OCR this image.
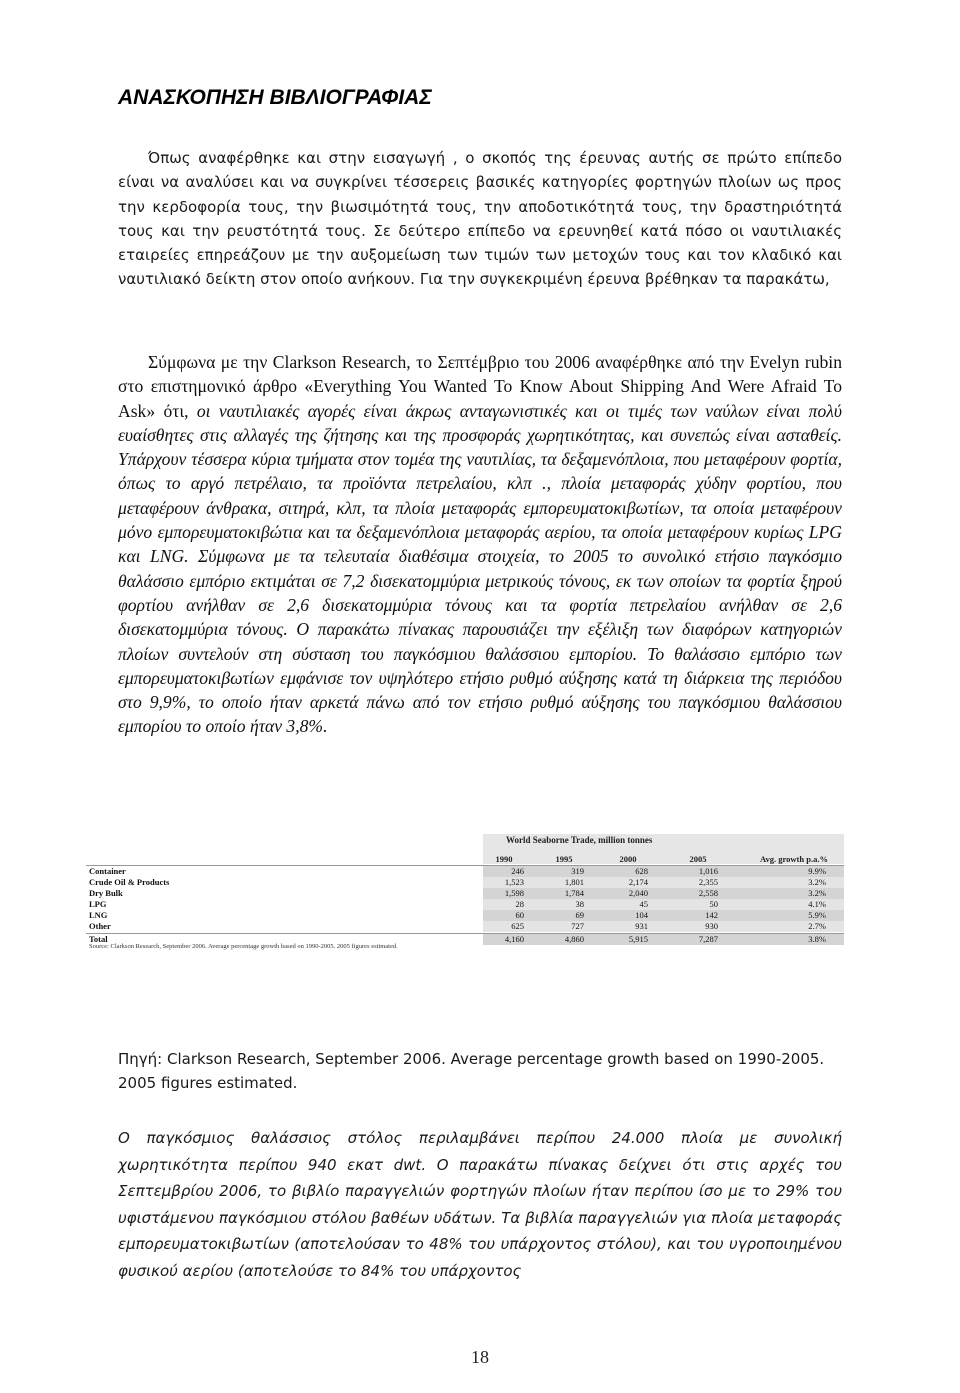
ΑΝΑΣΚΟΠΗΣΗ ΒΙΒΛΙΟΓΡΑΦΙΑΣ

Όπως αναφέρθηκε και στην εισαγωγή , ο σκοπός της έρευνας αυτής σε πρώτο επίπεδο είναι να αναλύσει και να συγκρίνει τέσσερεις βασικές κατηγορίες φορτηγών πλοίων ως προς την κερδοφορία τους, την βιωσιμότητά τους, την αποδοτικότητά τους, την δραστηριότητά τους και την ρευστότητά τους. Σε δεύτερο επίπεδο να ερευνηθεί κατά πόσο οι ναυτιλιακές εταιρείες επηρεάζουν με την αυξομείωση των τιμών των μετοχών τους και τον κλαδικό και ναυτιλιακό δείκτη στον οποίο ανήκουν. Για την συγκεκριμένη έρευνα βρέθηκαν τα παρακάτω,

Σύμφωνα με την Clarkson Research, το Σεπτέμβριο του 2006 αναφέρθηκε από την Evelyn rubin στο επιστημονικό άρθρο «Everything You Wanted To Know About Shipping And Were Afraid To Ask» ότι, οι ναυτιλιακές αγορές είναι άκρως ανταγωνιστικές και οι τιμές των ναύλων είναι πολύ ευαίσθητες στις αλλαγές της ζήτησης και της προσφοράς χωρητικότητας, και συνεπώς είναι ασταθείς. Υπάρχουν τέσσερα κύρια τμήματα στον τομέα της ναυτιλίας, τα δεξαμενόπλοια, που μεταφέρουν φορτία, όπως το αργό πετρέλαιο, τα προϊόντα πετρελαίου, κλπ ., πλοία μεταφοράς χύδην φορτίου, που μεταφέρουν άνθρακα, σιτηρά, κλπ, τα πλοία μεταφοράς εμπορευματοκιβωτίων, τα οποία μεταφέρουν μόνο εμπορευματοκιβώτια και τα δεξαμενόπλοια μεταφοράς αερίου, τα οποία μεταφέρουν κυρίως LPG και LNG. Σύμφωνα με τα τελευταία διαθέσιμα στοιχεία, το 2005 το συνολικό ετήσιο παγκόσμιο θαλάσσιο εμπόριο εκτιμάται σε 7,2 δισεκατομμύρια μετρικούς τόνους, εκ των οποίων τα φορτία ξηρού φορτίου ανήλθαν σε 2,6 δισεκατομμύρια τόνους και τα φορτία πετρελαίου ανήλθαν σε 2,6 δισεκατομμύρια τόνους. Ο παρακάτω πίνακας παρουσιάζει την εξέλιξη των διαφόρων κατηγοριών πλοίων συντελούν στη σύσταση του παγκόσμιου θαλάσσιου εμπορίου. Το θαλάσσιο εμπόριο των εμπορευματοκιβωτίων εμφάνισε τον υψηλότερο ετήσιο ρυθμό αύξησης κατά τη διάρκεια της περιόδου στο 9,9%, το οποίο ήταν αρκετά πάνω από τον ετήσιο ρυθμό αύξησης του παγκόσμιου θαλάσσιου εμπορίου το οποίο ήταν 3,8%.

World Seaborne Trade, million tonnes
1990	1995	2000	2005	Avg. growth p.a.%
Container	246	319	628	1,016	9.9%
Crude Oil & Products	1,523	1,801	2,174	2,355	3.2%
Dry Bulk	1,598	1,784	2,040	2,558	3.2%
LPG	28	38	45	50	4.1%
LNG	60	69	104	142	5.9%
Other	625	727	931	930	2.7%
Total	4,160	4,860	5,915	7,287	3.8%
Source: Clarkson Research, September 2006. Average percentage growth based on 1990-2005. 2005 figures estimated.

Πηγή: Clarkson Research, September 2006. Average percentage growth based on 1990-2005. 2005 figures estimated.

Ο παγκόσμιος θαλάσσιος στόλος περιλαμβάνει περίπου 24.000 πλοία με συνολική χωρητικότητα περίπου 940 εκατ dwt. Ο παρακάτω πίνακας δείχνει ότι στις αρχές του Σεπτεμβρίου 2006, το βιβλίο παραγγελιών φορτηγών πλοίων ήταν περίπου ίσο με το 29% του υφιστάμενου παγκόσμιου στόλου βαθέων υδάτων. Τα βιβλία παραγγελιών για πλοία μεταφοράς εμπορευματοκιβωτίων (αποτελούσαν το 48% του υπάρχοντος στόλου), και του υγροποιημένου φυσικού αερίου (αποτελούσε το 84% του υπάρχοντος

18
